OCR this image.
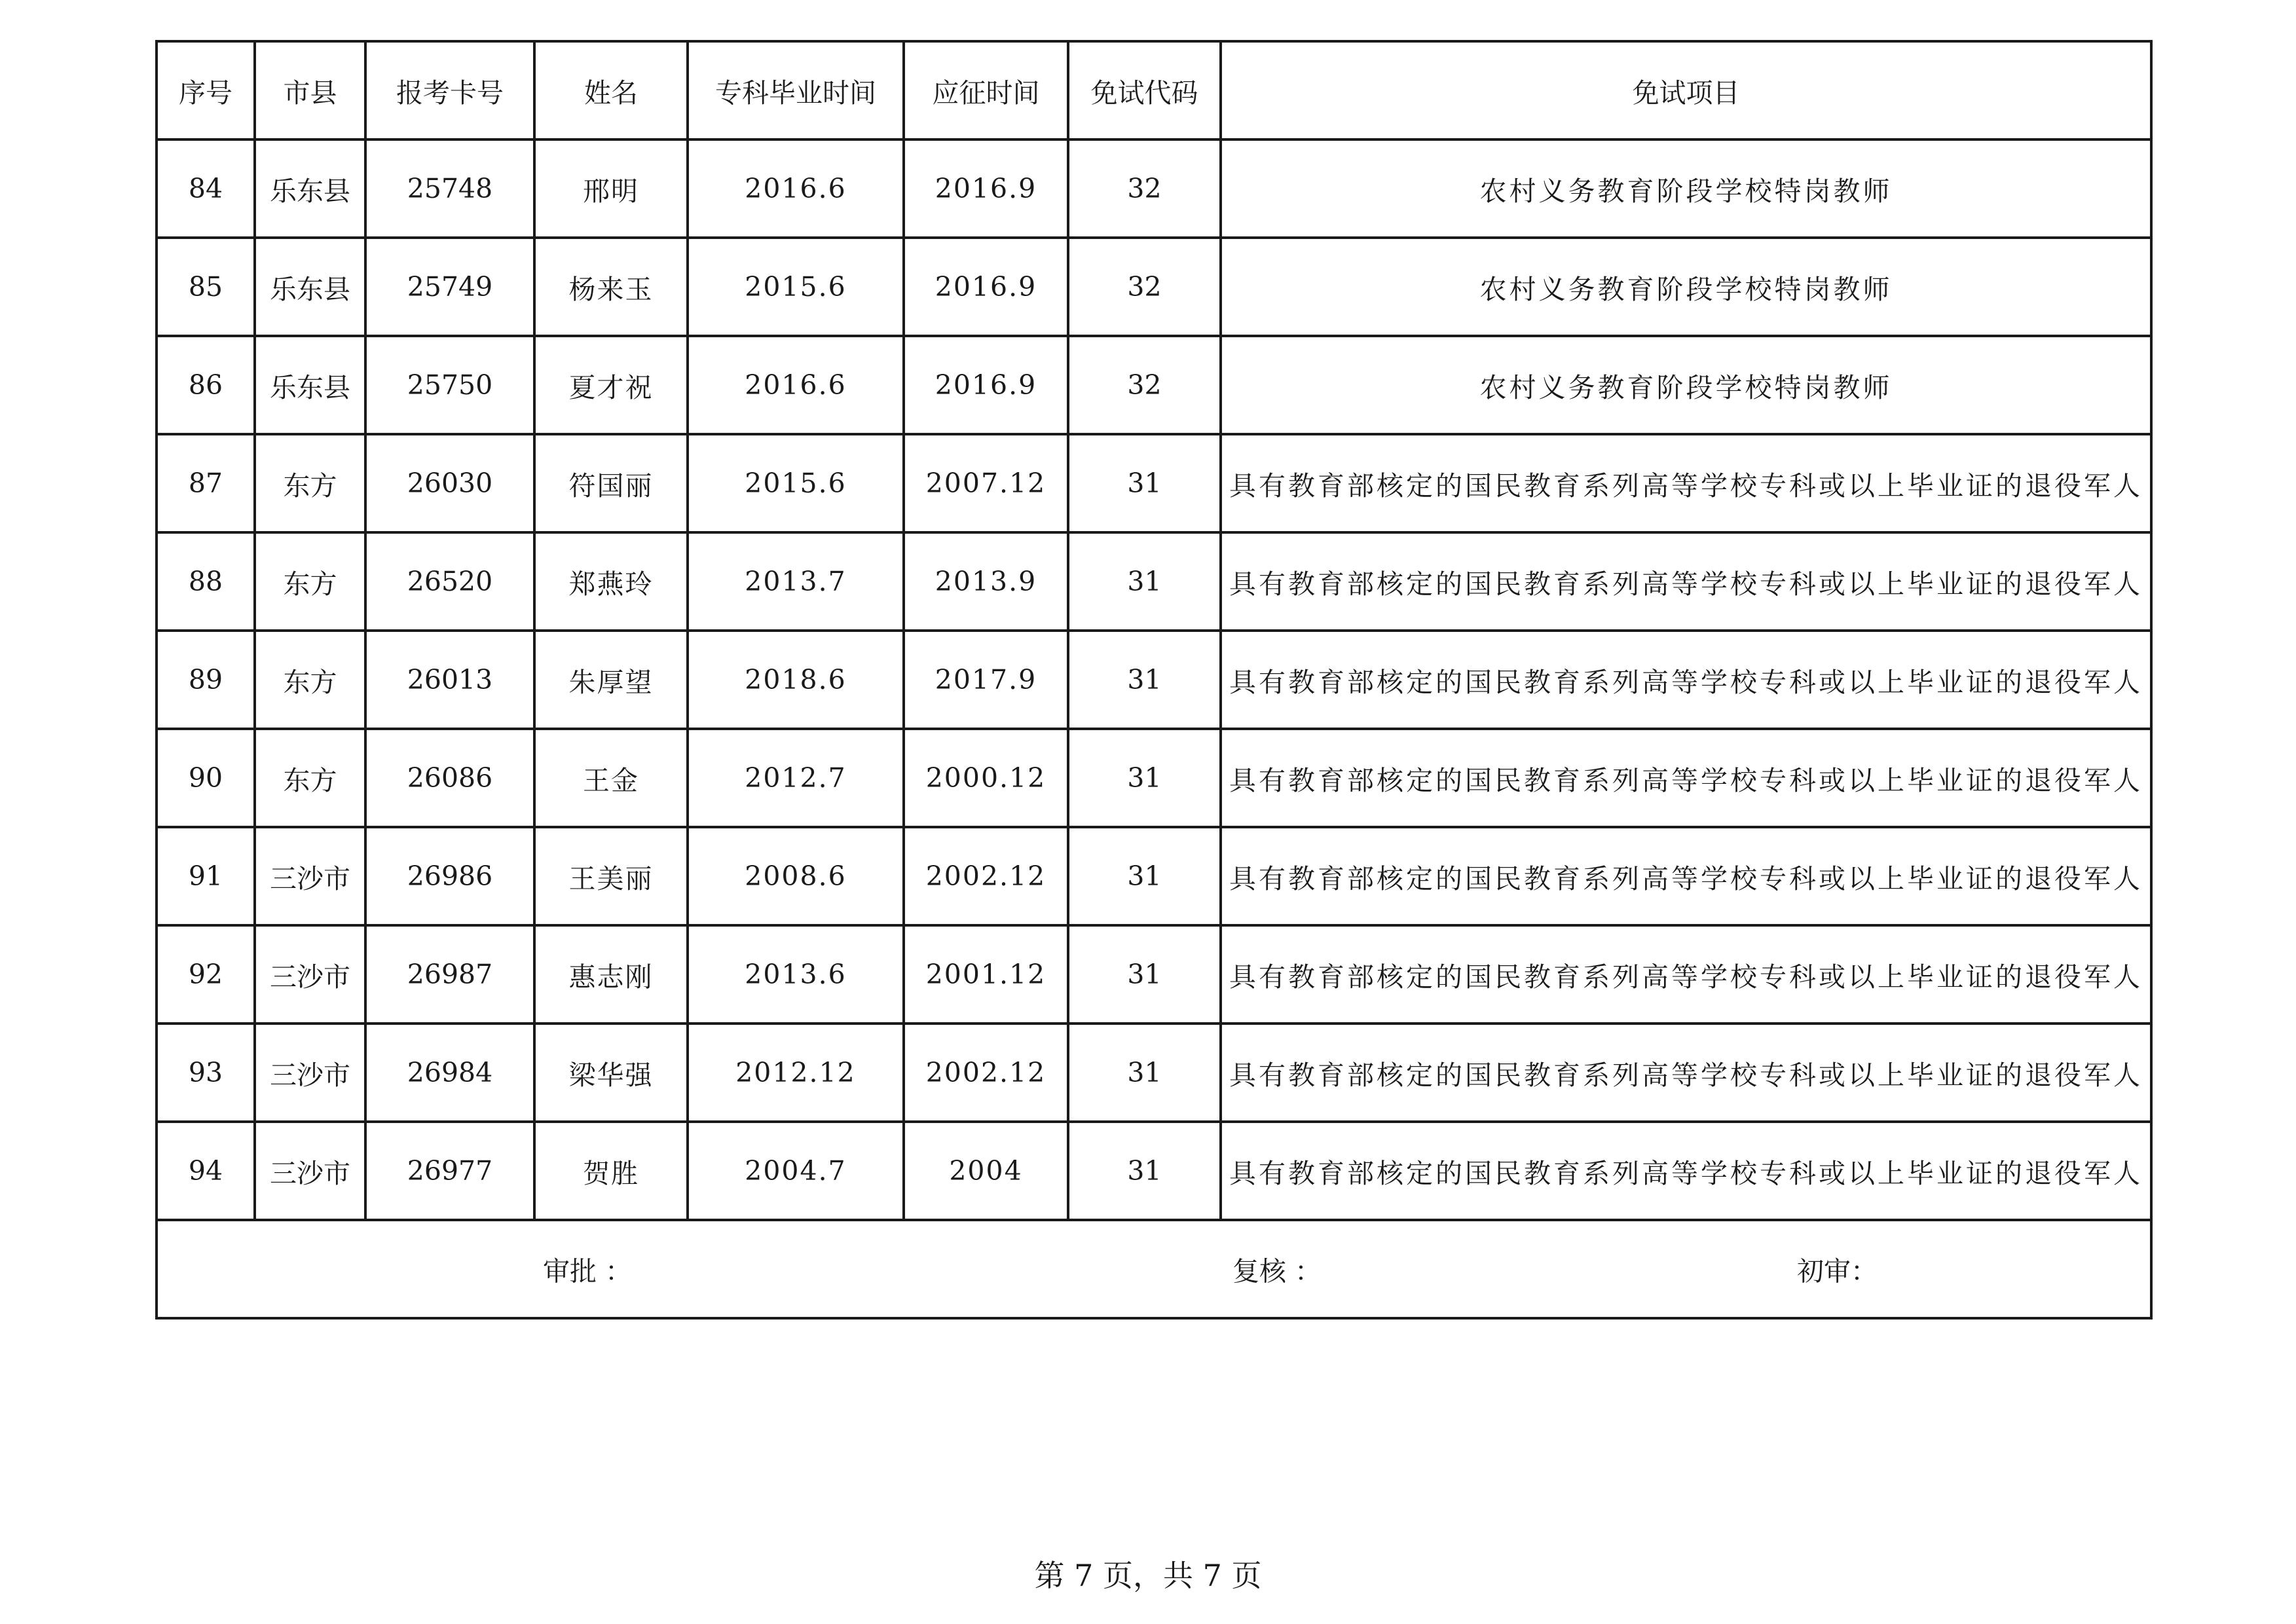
序号	市县	报考卡号	姓名	专科毕业时间	应征时间	免试代码	免试项目
84	乐东县	25748	邢明	2016.6	2016.9	32	农村义务教育阶段学校特岗教师
85	乐东县	25749	杨来玉	2015.6	2016.9	32	农村义务教育阶段学校特岗教师
86	乐东县	25750	夏才祝	2016.6	2016.9	32	农村义务教育阶段学校特岗教师
87	东方	26030	符国丽	2015.6	2007.12	31	具有教育部核定的国民教育系列高等学校专科或以上毕业证的退役军人
88	东方	26520	郑燕玲	2013.7	2013.9	31	具有教育部核定的国民教育系列高等学校专科或以上毕业证的退役军人
89	东方	26013	朱厚望	2018.6	2017.9	31	具有教育部核定的国民教育系列高等学校专科或以上毕业证的退役军人
90	东方	26086	王金	2012.7	2000.12	31	具有教育部核定的国民教育系列高等学校专科或以上毕业证的退役军人
91	三沙市	26986	王美丽	2008.6	2002.12	31	具有教育部核定的国民教育系列高等学校专科或以上毕业证的退役军人
92	三沙市	26987	惠志刚	2013.6	2001.12	31	具有教育部核定的国民教育系列高等学校专科或以上毕业证的退役军人
93	三沙市	26984	梁华强	2012.12	2002.12	31	具有教育部核定的国民教育系列高等学校专科或以上毕业证的退役军人
94	三沙市	26977	贺胜	2004.7	2004	31	具有教育部核定的国民教育系列高等学校专科或以上毕业证的退役军人

审批 ： 复核 ： 初审：							
第 7 页，共 7 页
